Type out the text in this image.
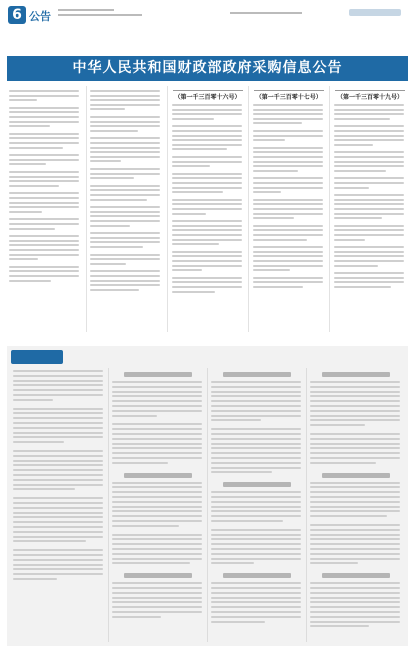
6 公告
中华人民共和国财政部政府采购信息公告
（第一千三百零十六号）	（第一千三百零十七号）	（第一千三百零十九号）
